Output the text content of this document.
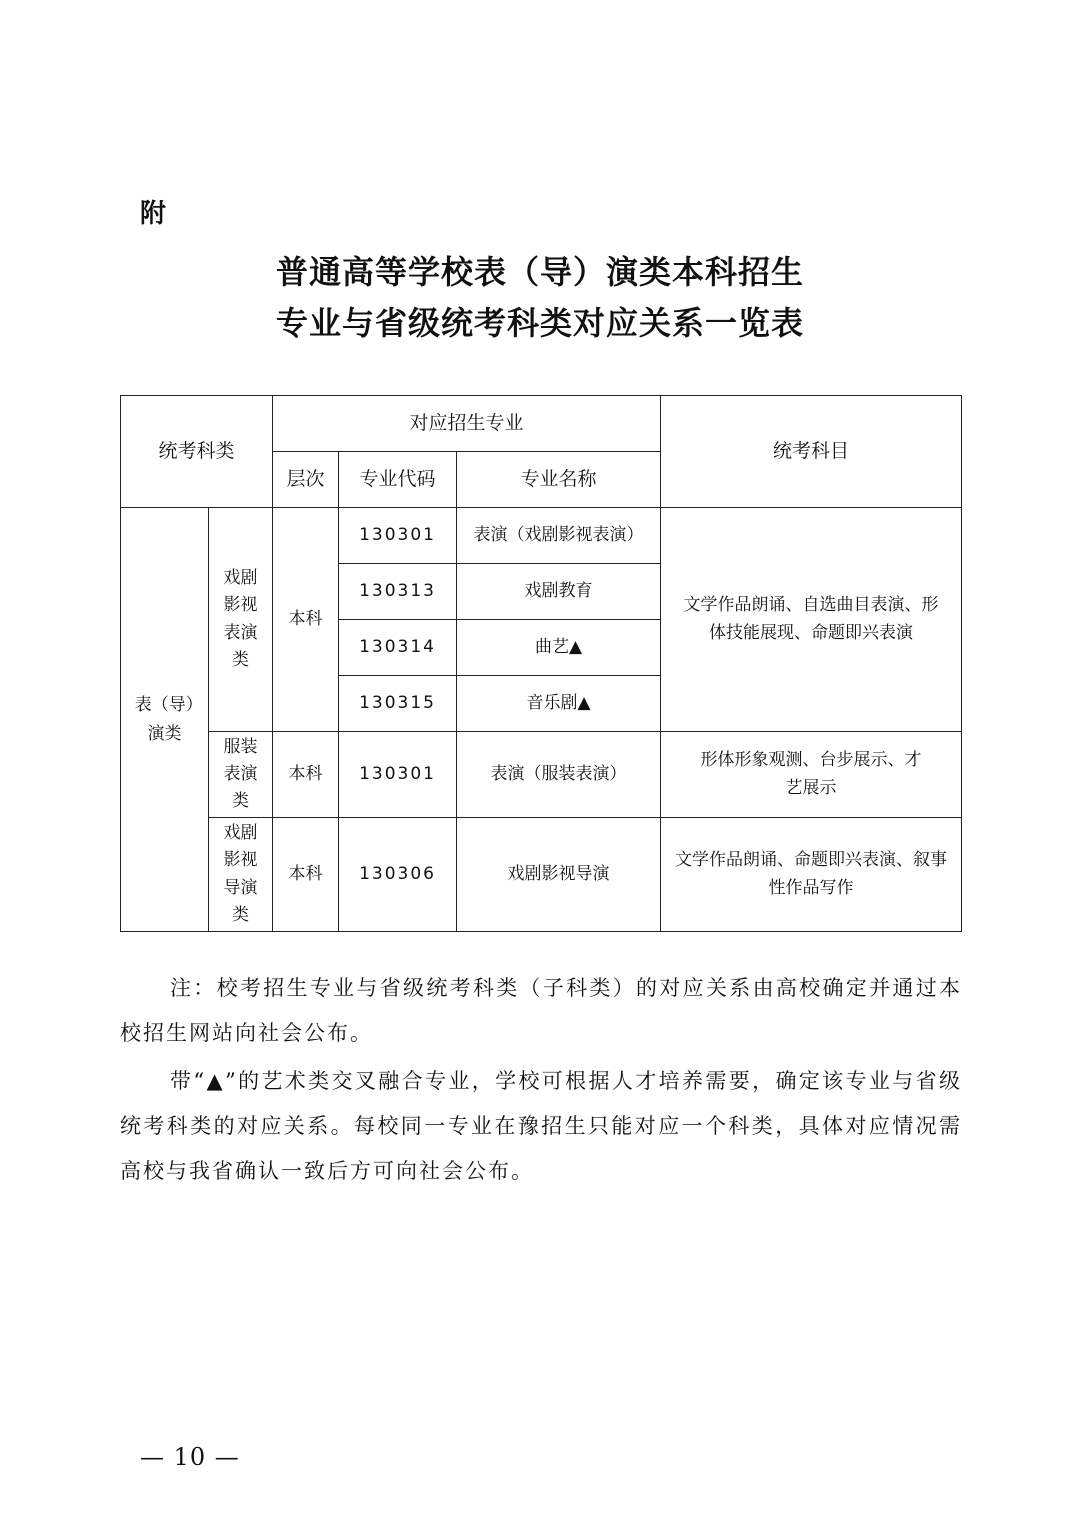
附
普通高等学校表（导）演类本科招生
专业与省级统考科类对应关系一览表
统考科类		对应招生专业			统考科目
		层次	专业代码	专业名称	

表（导）演类	戏剧影视表演类	本科	130301	表演（戏剧影视表演）	文学作品朗诵、自选曲目表演、形体技能展现、命题即兴表演

			130313	戏剧教育	
			130314	曲艺▲	
			130315	音乐剧▲	

	服装表演类	本科	130301	表演（服装表演）	形体形象观测、台步展示、才艺展示

	戏剧影视导演类	本科	130306	戏剧影视导演	文学作品朗诵、命题即兴表演、叙事性作品写作

注：校考招生专业与省级统考科类（子科类）的对应关系由高校确定并通过本校招生网站向社会公布。

带“▲”的艺术类交叉融合专业，学校可根据人才培养需要，确定该专业与省级统考科类的对应关系。每校同一专业在豫招生只能对应一个科类，具体对应情况需高校与我省确认一致后方可向社会公布。

— 10 —
